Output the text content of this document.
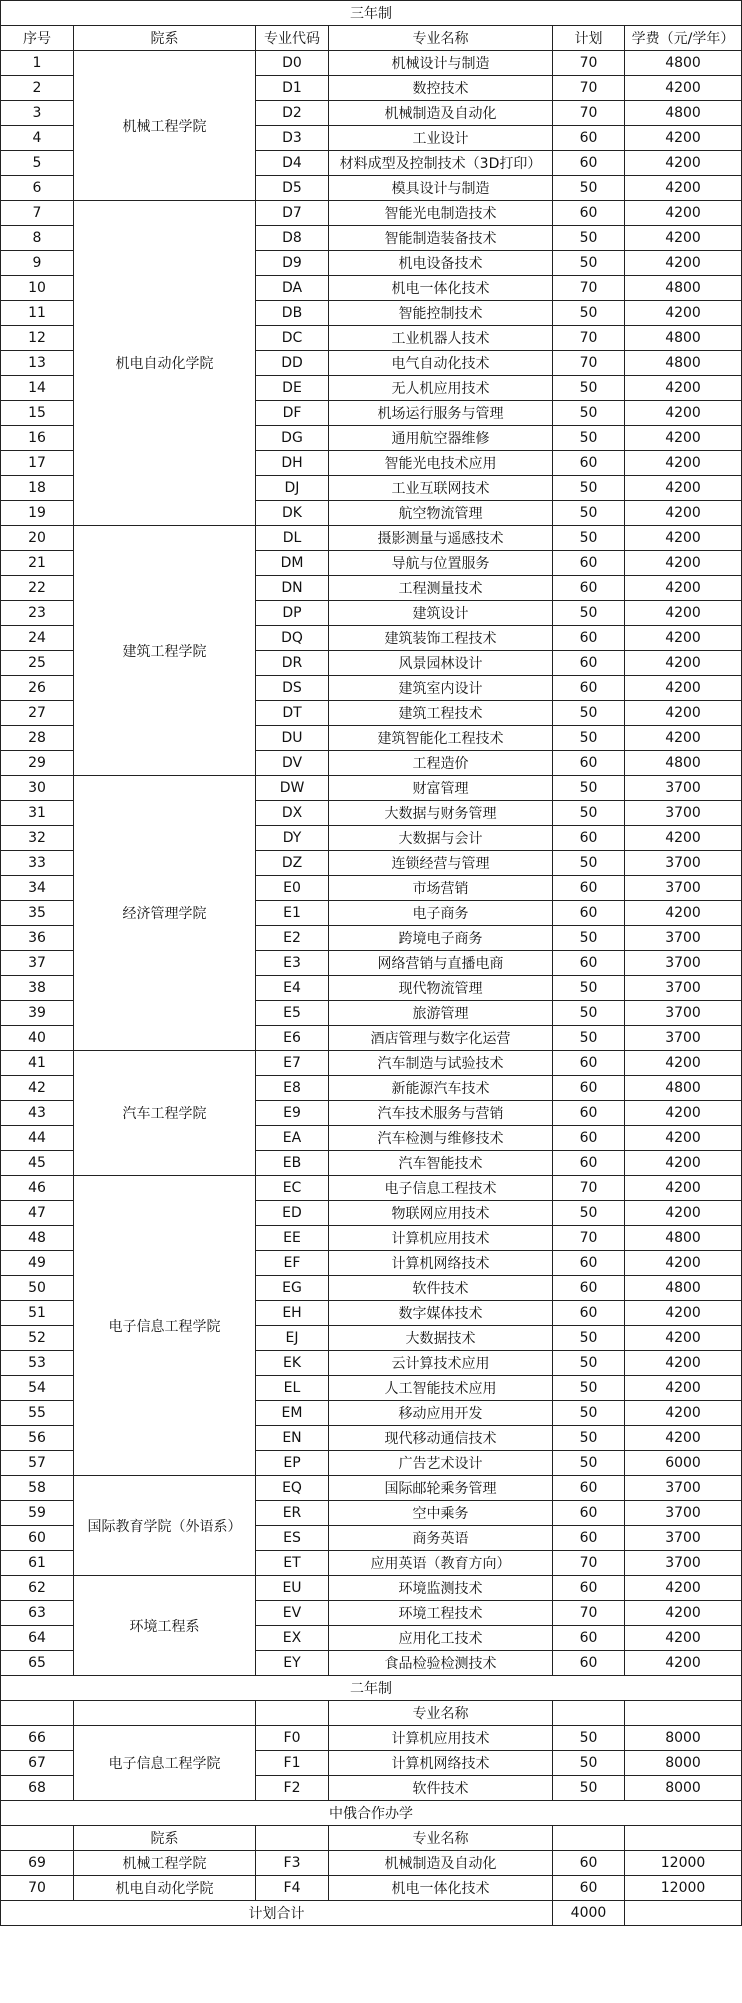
三年制					
序号	院系	专业代码	专业名称	计划	学费（元/学年）
1	机械工程学院	D0	机械设计与制造	70	4800
2		D1	数控技术	70	4200
3		D2	机械制造及自动化	70	4800
4		D3	工业设计	60	4200
5		D4	材料成型及控制技术（3D打印）	60	4200
6		D5	模具设计与制造	50	4200
7	机电自动化学院	D7	智能光电制造技术	60	4200
8		D8	智能制造装备技术	50	4200
9		D9	机电设备技术	50	4200
10		DA	机电一体化技术	70	4800
11		DB	智能控制技术	50	4200
12		DC	工业机器人技术	70	4800
13		DD	电气自动化技术	70	4800
14		DE	无人机应用技术	50	4200
15		DF	机场运行服务与管理	50	4200
16		DG	通用航空器维修	50	4200
17		DH	智能光电技术应用	60	4200
18		DJ	工业互联网技术	50	4200
19		DK	航空物流管理	50	4200
20	建筑工程学院	DL	摄影测量与遥感技术	50	4200
21		DM	导航与位置服务	60	4200
22		DN	工程测量技术	60	4200
23		DP	建筑设计	50	4200
24		DQ	建筑装饰工程技术	60	4200
25		DR	风景园林设计	60	4200
26		DS	建筑室内设计	60	4200
27		DT	建筑工程技术	50	4200
28		DU	建筑智能化工程技术	50	4200
29		DV	工程造价	60	4800
30	经济管理学院	DW	财富管理	50	3700
31		DX	大数据与财务管理	50	3700
32		DY	大数据与会计	60	4200
33		DZ	连锁经营与管理	50	3700
34		E0	市场营销	60	3700
35		E1	电子商务	60	4200
36		E2	跨境电子商务	50	3700
37		E3	网络营销与直播电商	60	3700
38		E4	现代物流管理	50	3700
39		E5	旅游管理	50	3700
40		E6	酒店管理与数字化运营	50	3700
41	汽车工程学院	E7	汽车制造与试验技术	60	4200
42		E8	新能源汽车技术	60	4800
43		E9	汽车技术服务与营销	60	4200
44		EA	汽车检测与维修技术	60	4200
45		EB	汽车智能技术	60	4200
46	电子信息工程学院	EC	电子信息工程技术	70	4200
47		ED	物联网应用技术	50	4200
48		EE	计算机应用技术	70	4800
49		EF	计算机网络技术	60	4200
50		EG	软件技术	60	4800
51		EH	数字媒体技术	60	4200
52		EJ	大数据技术	50	4200
53		EK	云计算技术应用	50	4200
54		EL	人工智能技术应用	50	4200
55		EM	移动应用开发	50	4200
56		EN	现代移动通信技术	50	4200
57		EP	广告艺术设计	50	6000
58	国际教育学院（外语系）	EQ	国际邮轮乘务管理	60	3700
59		ER	空中乘务	60	3700
60		ES	商务英语	60	3700
61		ET	应用英语（教育方向）	70	3700
62	环境工程系	EU	环境监测技术	60	4200
63		EV	环境工程技术	70	4200
64		EX	应用化工技术	60	4200
65		EY	食品检验检测技术	60	4200
二年制					
			专业名称		
66	电子信息工程学院	F0	计算机应用技术	50	8000
67		F1	计算机网络技术	50	8000
68		F2	软件技术	50	8000
中俄合作办学					
	院系		专业名称		
69	机械工程学院	F3	机械制造及自动化	60	12000
70	机电自动化学院	F4	机电一体化技术	60	12000
计划合计				4000	
